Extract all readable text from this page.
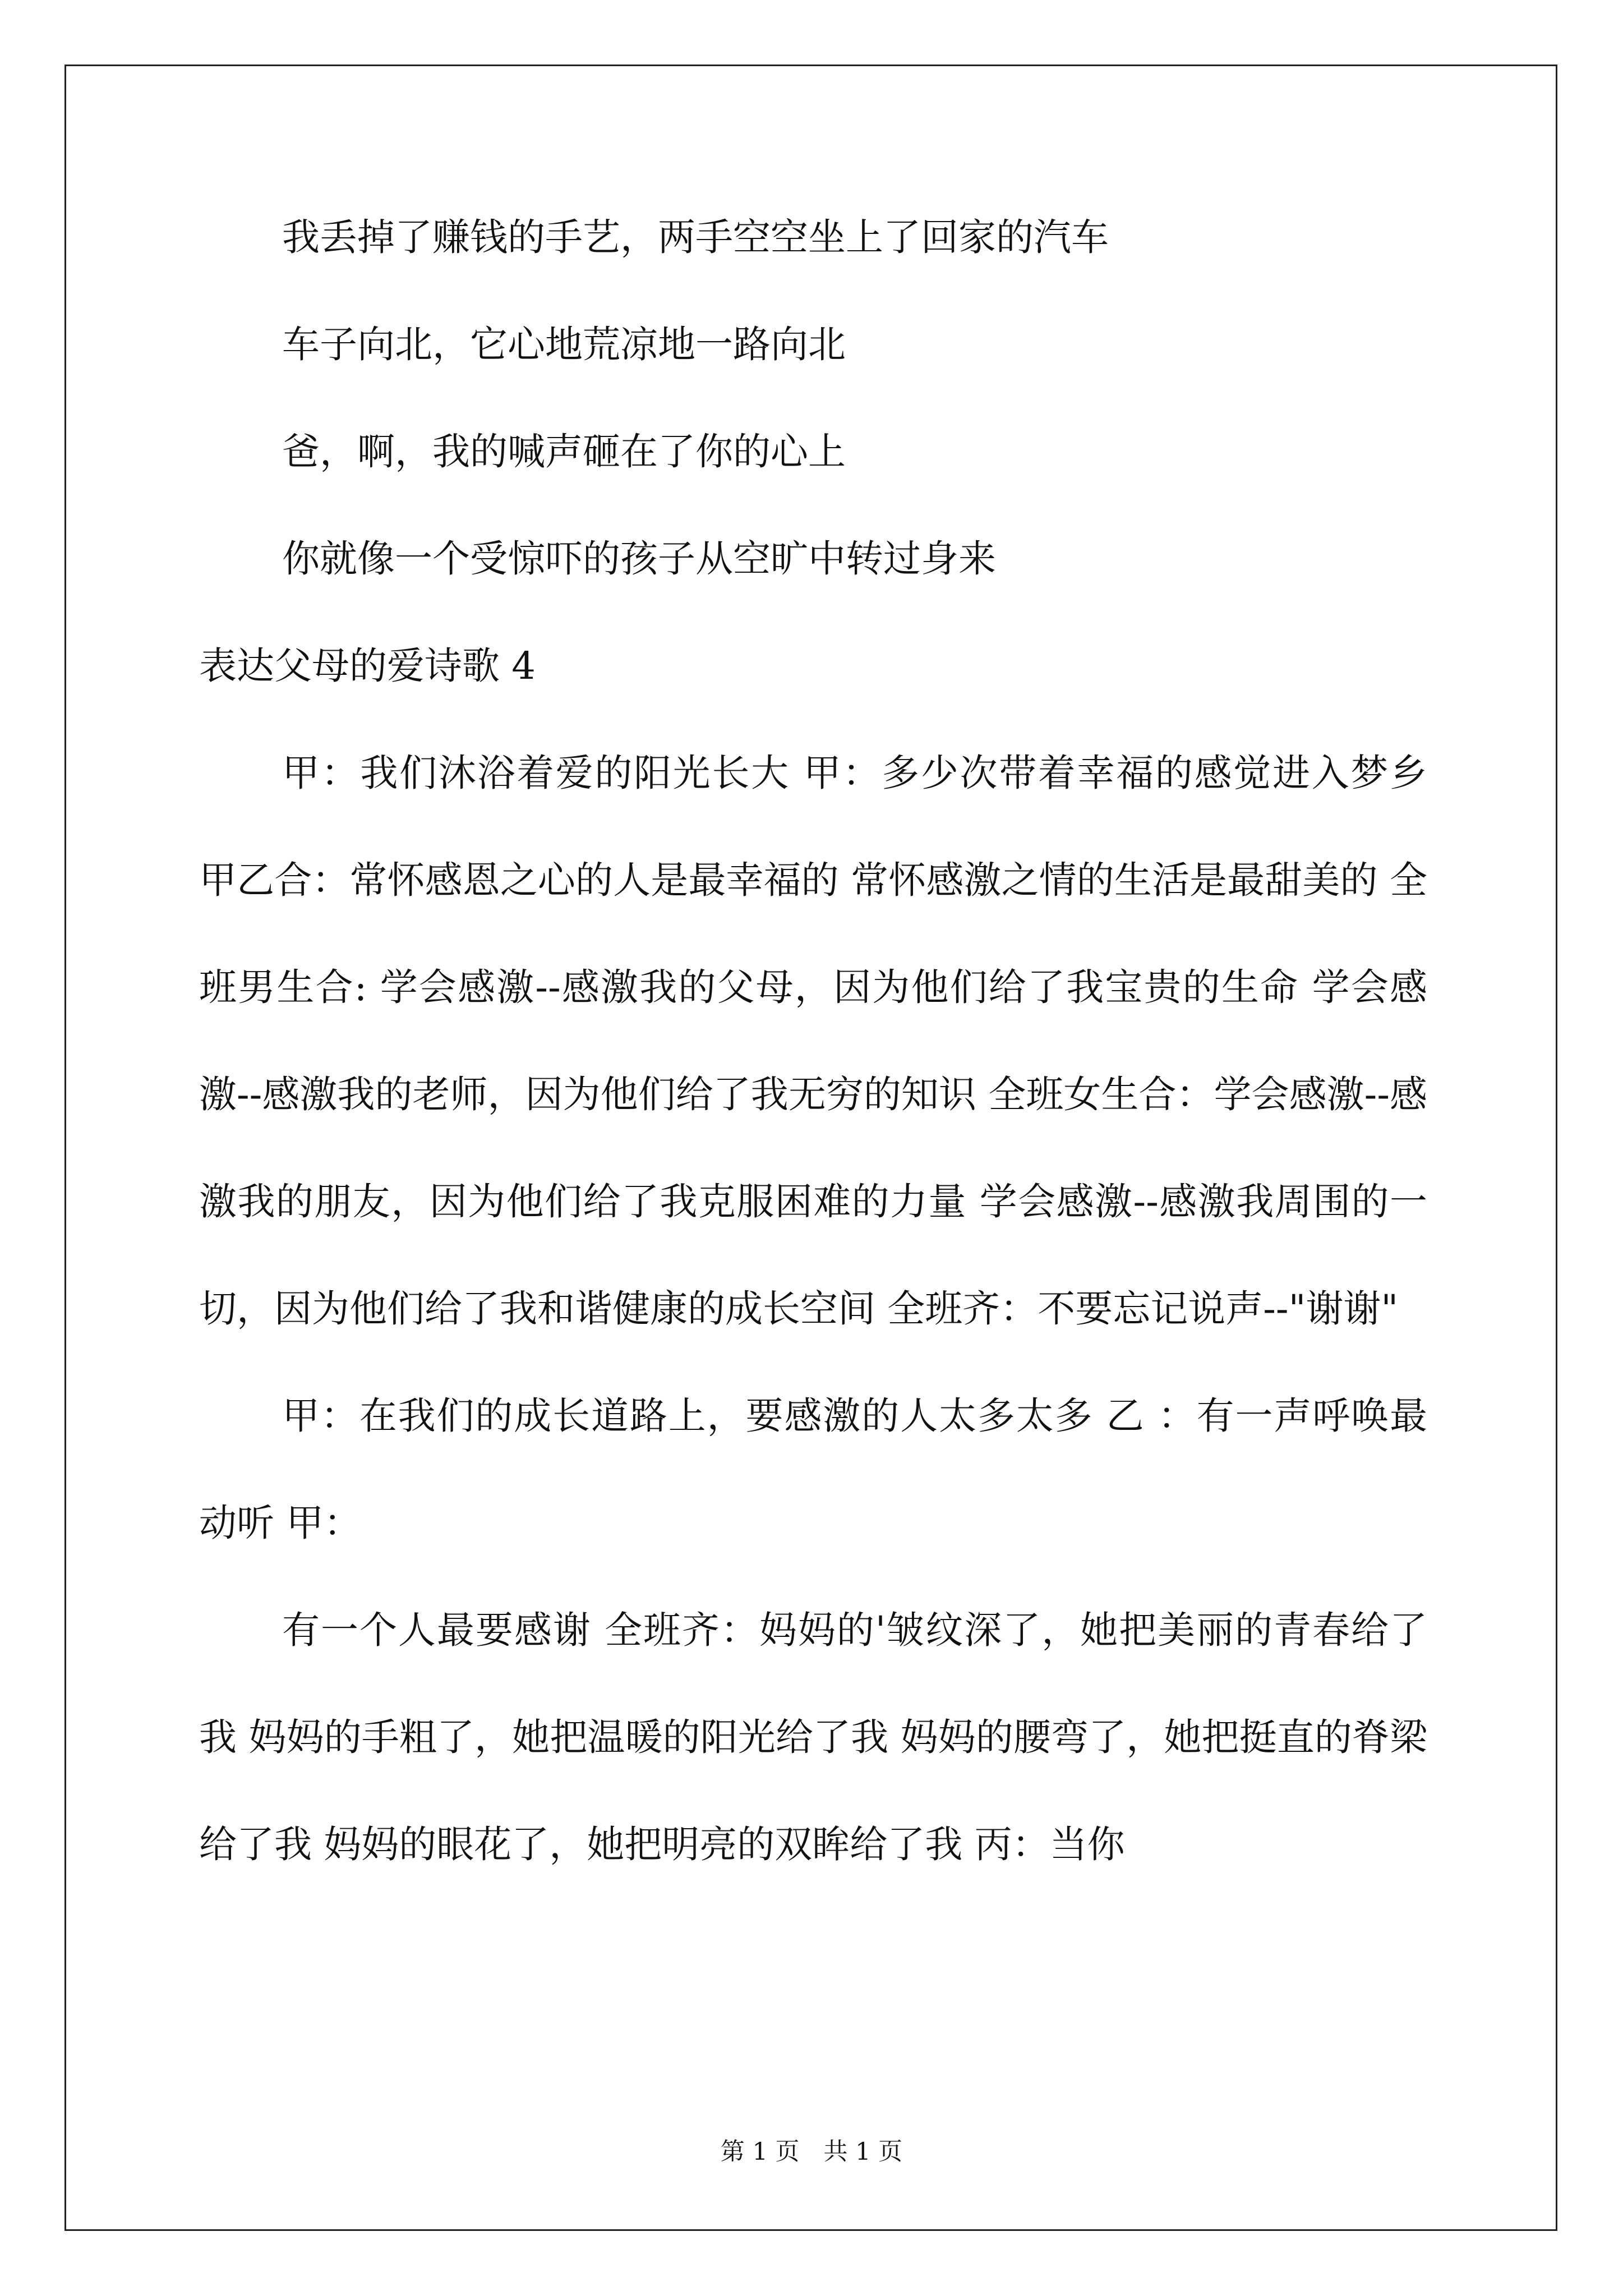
我丢掉了赚钱的手艺，两手空空坐上了回家的汽车

车子向北，它心地荒凉地一路向北

爸，啊，我的喊声砸在了你的心上

你就像一个受惊吓的孩子从空旷中转过身来

表达父母的爱诗歌 4

甲：我们沐浴着爱的阳光长大 甲：多少次带着幸福的感觉进入梦乡 甲乙合：常怀感恩之心的人是最幸福的 常怀感激之情的生活是最甜美的 全班男生合: 学会感激--感激我的父母，因为他们给了我宝贵的生命 学会感激--感激我的老师，因为他们给了我无穷的知识 全班女生合：学会感激--感激我的朋友，因为他们给了我克服困难的力量 学会感激--感激我周围的一切，因为他们给了我和谐健康的成长空间 全班齐：不要忘记说声--"谢谢"

甲：在我们的成长道路上，要感激的人太多太多 乙 ：有一声呼唤最动听 甲：

有一个人最要感谢 全班齐：妈妈的'皱纹深了，她把美丽的青春给了我 妈妈的手粗了，她把温暖的阳光给了我 妈妈的腰弯了，她把挺直的脊梁给了我 妈妈的眼花了，她把明亮的双眸给了我 丙：当你

第 1 页　共 1 页
